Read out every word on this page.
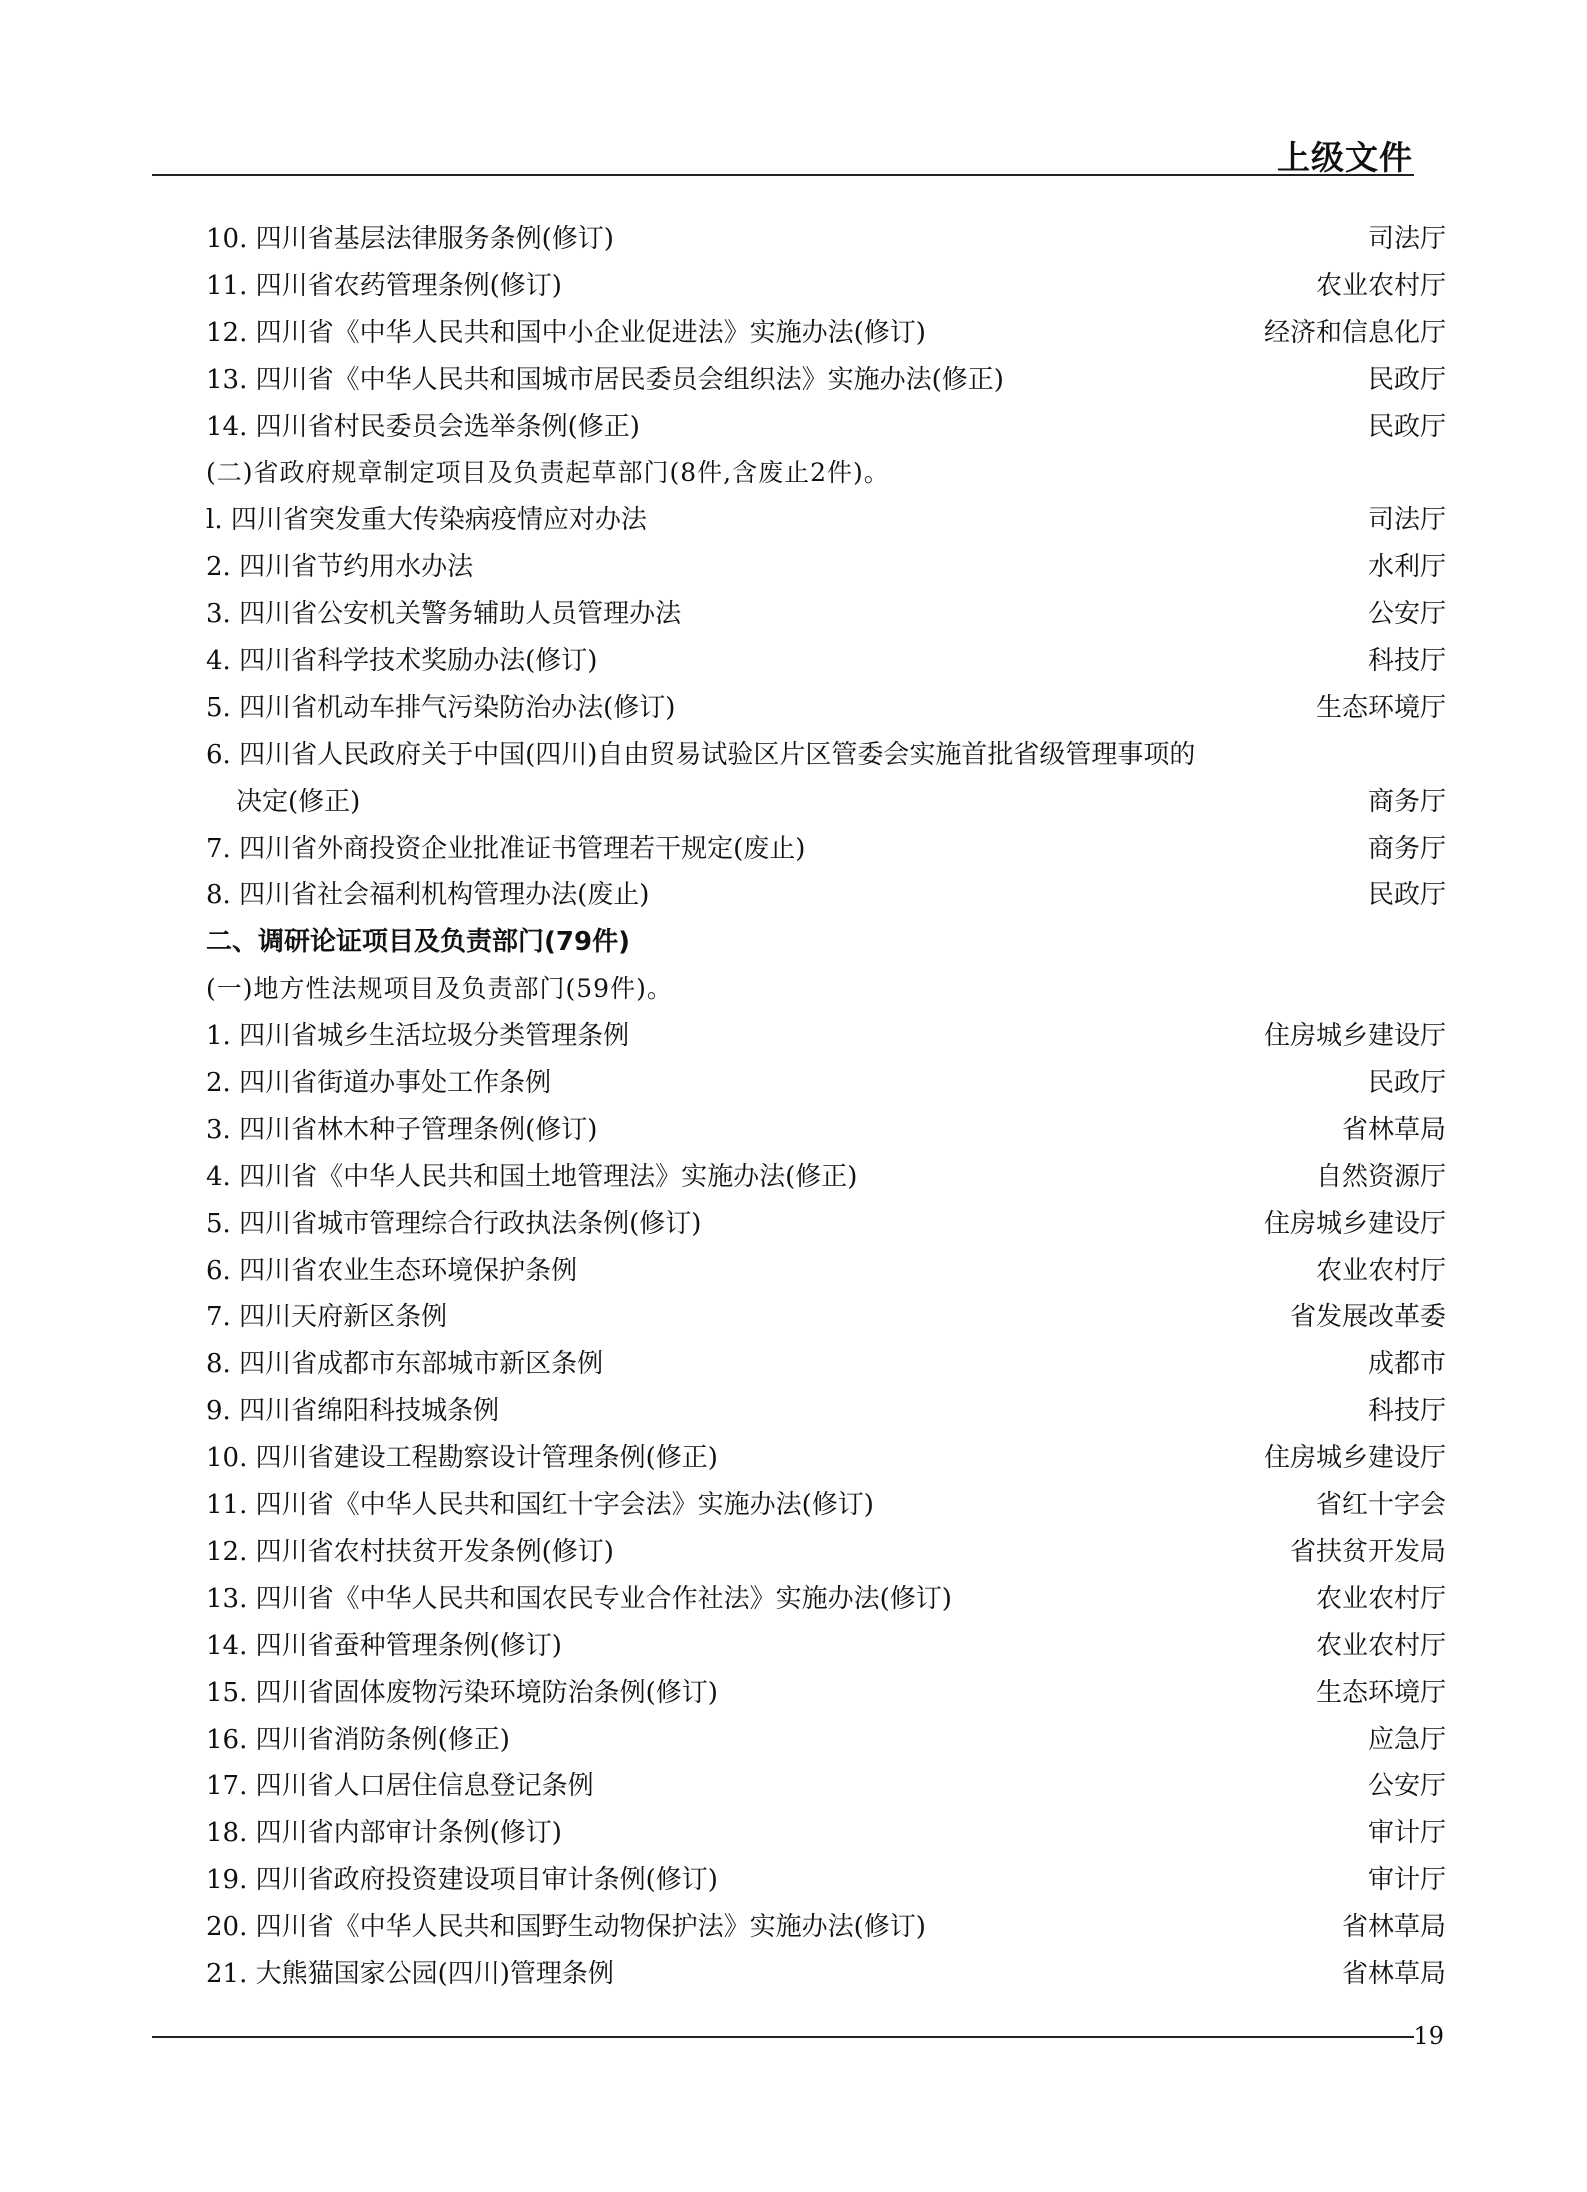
上级文件
10. 四川省基层法律服务条例(修订)	司法厅
11. 四川省农药管理条例(修订)	农业农村厅
12. 四川省《中华人民共和国中小企业促进法》实施办法(修订)	经济和信息化厅
13. 四川省《中华人民共和国城市居民委员会组织法》实施办法(修正)	民政厅
14. 四川省村民委员会选举条例(修正)	民政厅
(二)省政府规章制定项目及负责起草部门(8件,含废止2件)。
l. 四川省突发重大传染病疫情应对办法	司法厅
2. 四川省节约用水办法	水利厅
3. 四川省公安机关警务辅助人员管理办法	公安厅
4. 四川省科学技术奖励办法(修订)	科技厅
5. 四川省机动车排气污染防治办法(修订)	生态环境厅
6. 四川省人民政府关于中国(四川)自由贸易试验区片区管委会实施首批省级管理事项的
决定(修正)	商务厅
7. 四川省外商投资企业批准证书管理若干规定(废止)	商务厅
8. 四川省社会福利机构管理办法(废止)	民政厅
二、调研论证项目及负责部门(79件)
(一)地方性法规项目及负责部门(59件)。
1. 四川省城乡生活垃圾分类管理条例	住房城乡建设厅
2. 四川省街道办事处工作条例	民政厅
3. 四川省林木种子管理条例(修订)	省林草局
4. 四川省《中华人民共和国土地管理法》实施办法(修正)	自然资源厅
5. 四川省城市管理综合行政执法条例(修订)	住房城乡建设厅
6. 四川省农业生态环境保护条例	农业农村厅
7. 四川天府新区条例	省发展改革委
8. 四川省成都市东部城市新区条例	成都市
9. 四川省绵阳科技城条例	科技厅
10. 四川省建设工程勘察设计管理条例(修正)	住房城乡建设厅
11. 四川省《中华人民共和国红十字会法》实施办法(修订)	省红十字会
12. 四川省农村扶贫开发条例(修订)	省扶贫开发局
13. 四川省《中华人民共和国农民专业合作社法》实施办法(修订)	农业农村厅
14. 四川省蚕种管理条例(修订)	农业农村厅
15. 四川省固体废物污染环境防治条例(修订)	生态环境厅
16. 四川省消防条例(修正)	应急厅
17. 四川省人口居住信息登记条例	公安厅
18. 四川省内部审计条例(修订)	审计厅
19. 四川省政府投资建设项目审计条例(修订)	审计厅
20. 四川省《中华人民共和国野生动物保护法》实施办法(修订)	省林草局
21. 大熊猫国家公园(四川)管理条例	省林草局
19
